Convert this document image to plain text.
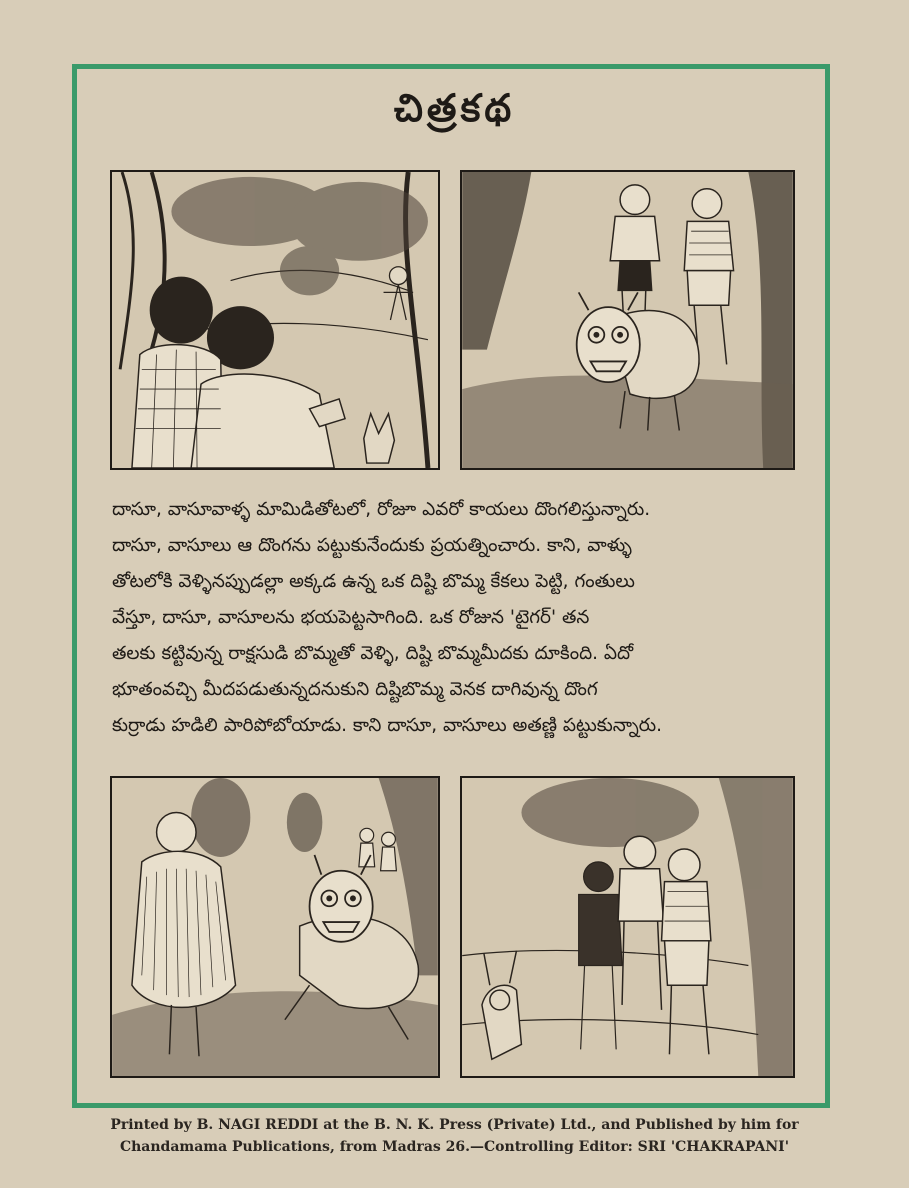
చిత్రకథ
దాసూ, వాసూవాళ్ళ మామిడితోటలో, రోజూ ఎవరో కాయలు దొంగలిస్తున్నారు.
దాసూ, వాసూలు ఆ దొంగను పట్టుకునేందుకు ప్రయత్నించారు. కాని, వాళ్ళు
తోటలోకి వెళ్ళినప్పుడల్లా అక్కడ ఉన్న ఒక దిష్టి బొమ్మ కేకలు పెట్టి, గంతులు
వేస్తూ, దాసూ, వాసూలను భయపెట్టసాగింది. ఒక రోజున 'టైగర్' తన
తలకు కట్టివున్న రాక్షసుడి బొమ్మతో వెళ్ళి, దిష్టి బొమ్మమీదకు దూకింది. ఏదో
భూతంవచ్చి మీదపడుతున్నదనుకుని దిష్టిబొమ్మ వెనక దాగివున్న దొంగ
కుర్రాడు హడిలి పారిపోబోయాడు. కాని దాసూ, వాసూలు అతణ్ణి పట్టుకున్నారు.
Printed by B. NAGI REDDI at the B. N. K. Press (Private) Ltd., and Published by him for
Chandamama Publications, from Madras 26.—Controlling Editor: SRI 'CHAKRAPANI'
